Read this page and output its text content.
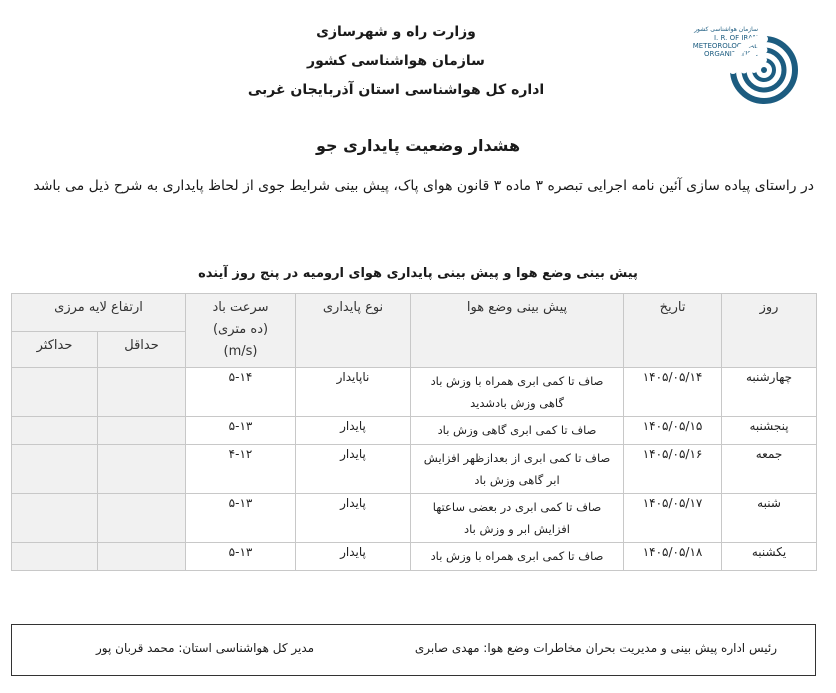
وزارت راه و شهرسازی
سازمان هواشناسی کشور
اداره کل هواشناسی استان آذربایجان غربی
سازمان هواشناسی کشور
I. R. OF IRAN
METEOROLOGICAL
ORGANIZATION
هشدار وضعیت پایداری جو
در راستای پیاده سازی آئین نامه اجرایی تبصره ۳ ماده ۳ قانون هوای پاک، پیش بینی شرایط جوی از لحاظ پایداری به شرح ذیل می باشد
پیش بینی وضع هوا و پیش بینی پایداری هوای ارومیه در پنج روز آینده
روز	تاریخ	پیش بینی وضع هوا	نوع پایداری	سرعت باد
(ده متری)
(m/s)	ارتفاع لایه مرزی	
					حداقل	حداکثر
چهارشنبه	۱۴۰۵/۰۵/۱۴	صاف تا کمی ابری همراه با وزش باد گاهی وزش بادشدید	ناپایدار	۵-۱۴		
پنجشنبه	۱۴۰۵/۰۵/۱۵	صاف تا کمی ابری گاهی وزش باد	پایدار	۵-۱۳		
جمعه	۱۴۰۵/۰۵/۱۶	صاف تا کمی ابری از بعدازظهر افزایش ابر گاهی وزش باد	پایدار	۴-۱۲		
شنبه	۱۴۰۵/۰۵/۱۷	صاف تا کمی ابری در بعضی ساعتها افزایش ابر و وزش باد	پایدار	۵-۱۳		
یکشنبه	۱۴۰۵/۰۵/۱۸	صاف تا کمی ابری همراه با وزش باد	پایدار	۵-۱۳		
رئیس اداره پیش بینی و مدیریت بحران مخاطرات وضع هوا: مهدی صابری
مدیر کل هواشناسی استان: محمد قربان پور
